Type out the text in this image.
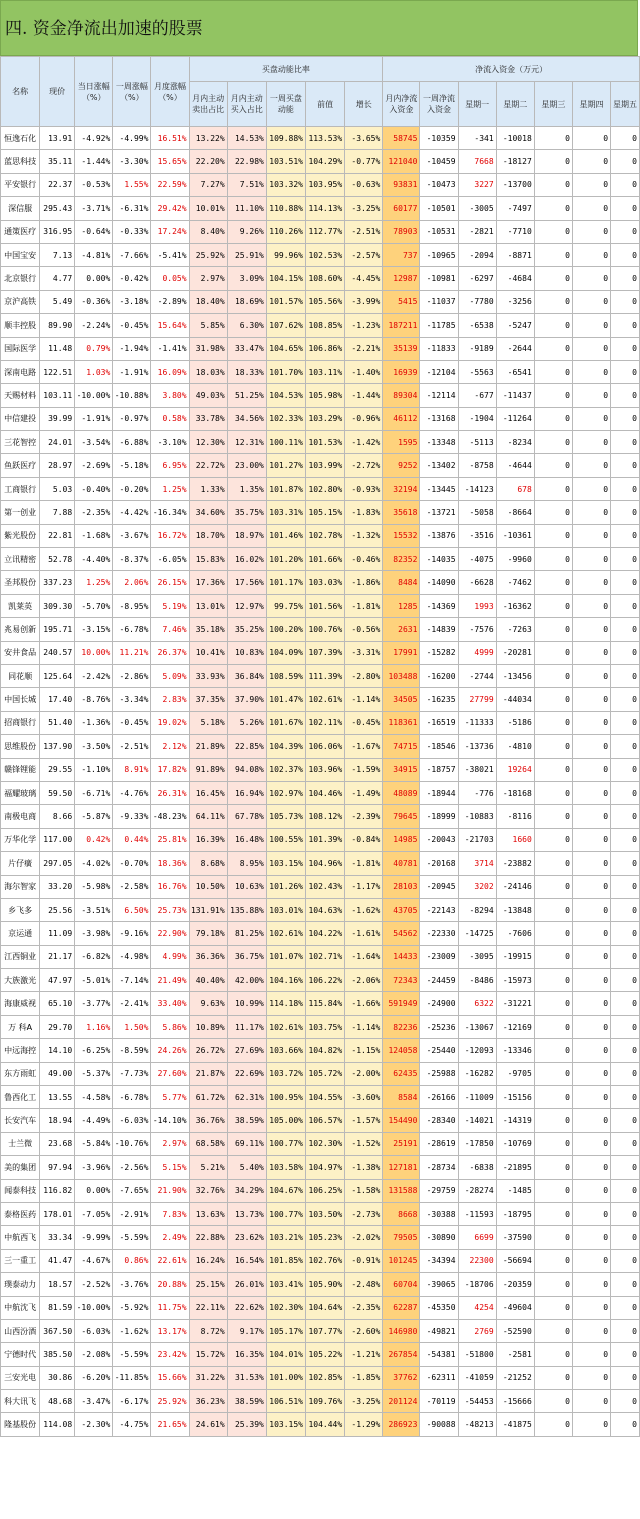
四. 资金净流出加速的股票
名称	现价	当日涨幅（%）	一周涨幅（%）	月度涨幅（%）	买盘动能比率					净流入资金（万元）						
					月内主动卖出占比	月内主动买入占比	一周买盘动能	前值	增长	月内净流入资金	一周净流入资金	星期一	星期二	星期三	星期四	星期五
恒逸石化	13.91	-4.92%	-4.99%	16.51%	13.22%	14.53%	109.88%	113.53%	-3.65%	58745	-10359	-341	-10018	0	0	0
蓝思科技	35.11	-1.44%	-3.30%	15.65%	22.20%	22.98%	103.51%	104.29%	-0.77%	121040	-10459	7668	-18127	0	0	0
平安银行	22.37	-0.53%	1.55%	22.59%	7.27%	7.51%	103.32%	103.95%	-0.63%	93831	-10473	3227	-13700	0	0	0
深信服	295.43	-3.71%	-6.31%	29.42%	10.01%	11.10%	110.88%	114.13%	-3.25%	60177	-10501	-3005	-7497	0	0	0
通策医疗	316.95	-0.64%	-0.33%	17.24%	8.40%	9.26%	110.26%	112.77%	-2.51%	78903	-10531	-2821	-7710	0	0	0
中国宝安	7.13	-4.81%	-7.66%	-5.41%	25.92%	25.91%	99.96%	102.53%	-2.57%	737	-10965	-2094	-8871	0	0	0
北京银行	4.77	0.00%	-0.42%	0.05%	2.97%	3.09%	104.15%	108.60%	-4.45%	12987	-10981	-6297	-4684	0	0	0
京沪高铁	5.49	-0.36%	-3.18%	-2.89%	18.40%	18.69%	101.57%	105.56%	-3.99%	5415	-11037	-7780	-3256	0	0	0
顺丰控股	89.90	-2.24%	-0.45%	15.64%	5.85%	6.30%	107.62%	108.85%	-1.23%	187211	-11785	-6538	-5247	0	0	0
国际医学	11.48	0.79%	-1.94%	-1.41%	31.98%	33.47%	104.65%	106.86%	-2.21%	35139	-11833	-9189	-2644	0	0	0
深南电路	122.51	1.03%	-1.91%	16.09%	18.03%	18.33%	101.70%	103.11%	-1.40%	16939	-12104	-5563	-6541	0	0	0
天赐材料	103.11	-10.00%	-10.88%	3.80%	49.03%	51.25%	104.53%	105.98%	-1.44%	89304	-12114	-677	-11437	0	0	0
中信建投	39.99	-1.91%	-0.97%	0.58%	33.78%	34.56%	102.33%	103.29%	-0.96%	46112	-13168	-1904	-11264	0	0	0
三花智控	24.01	-3.54%	-6.88%	-3.10%	12.30%	12.31%	100.11%	101.53%	-1.42%	1595	-13348	-5113	-8234	0	0	0
鱼跃医疗	28.97	-2.69%	-5.18%	6.95%	22.72%	23.00%	101.27%	103.99%	-2.72%	9252	-13402	-8758	-4644	0	0	0
工商银行	5.03	-0.40%	-0.20%	1.25%	1.33%	1.35%	101.87%	102.80%	-0.93%	32194	-13445	-14123	678	0	0	0
第一创业	7.88	-2.35%	-4.42%	-16.34%	34.60%	35.75%	103.31%	105.15%	-1.83%	35618	-13721	-5058	-8664	0	0	0
紫光股份	22.81	-1.68%	-3.67%	16.72%	18.70%	18.97%	101.46%	102.78%	-1.32%	15532	-13876	-3516	-10361	0	0	0
立讯精密	52.78	-4.40%	-8.37%	-6.05%	15.83%	16.02%	101.20%	101.66%	-0.46%	82352	-14035	-4075	-9960	0	0	0
圣邦股份	337.23	1.25%	2.06%	26.15%	17.36%	17.56%	101.17%	103.03%	-1.86%	8484	-14090	-6628	-7462	0	0	0
凯莱英	309.30	-5.70%	-8.95%	5.19%	13.01%	12.97%	99.75%	101.56%	-1.81%	1285	-14369	1993	-16362	0	0	0
兆易创新	195.71	-3.15%	-6.78%	7.46%	35.18%	35.25%	100.20%	100.76%	-0.56%	2631	-14839	-7576	-7263	0	0	0
安井食品	240.57	10.00%	11.21%	26.37%	10.41%	10.83%	104.09%	107.39%	-3.31%	17991	-15282	4999	-20281	0	0	0
同花顺	125.64	-2.42%	-2.86%	5.09%	33.93%	36.84%	108.59%	111.39%	-2.80%	103488	-16200	-2744	-13456	0	0	0
中国长城	17.40	-8.76%	-3.34%	2.83%	37.35%	37.90%	101.47%	102.61%	-1.14%	34505	-16235	27799	-44034	0	0	0
招商银行	51.40	-1.36%	-0.45%	19.02%	5.18%	5.26%	101.67%	102.11%	-0.45%	118361	-16519	-11333	-5186	0	0	0
思维股份	137.90	-3.50%	-2.51%	2.12%	21.89%	22.85%	104.39%	106.06%	-1.67%	74715	-18546	-13736	-4810	0	0	0
赣锋锂能	29.55	-1.10%	8.91%	17.82%	91.89%	94.08%	102.37%	103.96%	-1.59%	34915	-18757	-38021	19264	0	0	0
福耀玻璃	59.50	-6.71%	-4.76%	26.31%	16.45%	16.94%	102.97%	104.46%	-1.49%	48089	-18944	-776	-18168	0	0	0
南极电商	8.66	-5.87%	-9.33%	-48.23%	64.11%	67.78%	105.73%	108.12%	-2.39%	79645	-18999	-10883	-8116	0	0	0
万华化学	117.00	0.42%	0.44%	25.81%	16.39%	16.48%	100.55%	101.39%	-0.84%	14985	-20043	-21703	1660	0	0	0
片仔癀	297.05	-4.02%	-0.70%	18.36%	8.68%	8.95%	103.15%	104.96%	-1.81%	40781	-20168	3714	-23882	0	0	0
海尔智家	33.20	-5.98%	-2.58%	16.76%	10.50%	10.63%	101.26%	102.43%	-1.17%	28103	-20945	3202	-24146	0	0	0
乡飞多	25.56	-3.51%	6.50%	25.73%	131.91%	135.88%	103.01%	104.63%	-1.62%	43705	-22143	-8294	-13848	0	0	0
京运通	11.09	-3.98%	-9.16%	22.90%	79.18%	81.25%	102.61%	104.22%	-1.61%	54562	-22330	-14725	-7606	0	0	0
江西铜业	21.17	-6.82%	-4.98%	4.99%	36.36%	36.75%	101.07%	102.71%	-1.64%	14433	-23009	-3095	-19915	0	0	0
大族激光	47.97	-5.01%	-7.14%	21.49%	40.40%	42.00%	104.16%	106.22%	-2.06%	72343	-24459	-8486	-15973	0	0	0
海康威视	65.10	-3.77%	-2.41%	33.40%	9.63%	10.99%	114.18%	115.84%	-1.66%	591949	-24900	6322	-31221	0	0	0
万 科A	29.70	1.16%	1.50%	5.86%	10.89%	11.17%	102.61%	103.75%	-1.14%	82236	-25236	-13067	-12169	0	0	0
中远海控	14.10	-6.25%	-8.59%	24.26%	26.72%	27.69%	103.66%	104.82%	-1.15%	124058	-25440	-12093	-13346	0	0	0
东方雨虹	49.00	-5.37%	-7.73%	27.60%	21.87%	22.69%	103.72%	105.72%	-2.00%	62435	-25988	-16282	-9705	0	0	0
鲁西化工	13.55	-4.58%	-6.78%	5.77%	61.72%	62.31%	100.95%	104.55%	-3.60%	8584	-26166	-11009	-15156	0	0	0
长安汽车	18.94	-4.49%	-6.03%	-14.10%	36.76%	38.59%	105.00%	106.57%	-1.57%	154490	-28340	-14021	-14319	0	0	0
士兰微	23.68	-5.84%	-10.76%	2.97%	68.58%	69.11%	100.77%	102.30%	-1.52%	25191	-28619	-17850	-10769	0	0	0
美的集团	97.94	-3.96%	-2.56%	5.15%	5.21%	5.40%	103.58%	104.97%	-1.38%	127181	-28734	-6838	-21895	0	0	0
闻泰科技	116.82	0.00%	-7.65%	21.90%	32.76%	34.29%	104.67%	106.25%	-1.58%	131588	-29759	-28274	-1485	0	0	0
泰格医药	178.01	-7.05%	-2.91%	7.83%	13.63%	13.73%	100.77%	103.50%	-2.73%	8668	-30388	-11593	-18795	0	0	0
中航西飞	33.34	-9.99%	-5.59%	2.49%	22.88%	23.62%	103.21%	105.23%	-2.02%	79505	-30890	6699	-37590	0	0	0
三一重工	41.47	-4.67%	0.86%	22.61%	16.24%	16.54%	101.85%	102.76%	-0.91%	101245	-34394	22300	-56694	0	0	0
璞泰动力	18.57	-2.52%	-3.76%	20.88%	25.15%	26.01%	103.41%	105.90%	-2.48%	60704	-39065	-18706	-20359	0	0	0
中航沈飞	81.59	-10.00%	-5.92%	11.75%	22.11%	22.62%	102.30%	104.64%	-2.35%	62287	-45350	4254	-49604	0	0	0
山西汾酒	367.50	-6.03%	-1.62%	13.17%	8.72%	9.17%	105.17%	107.77%	-2.60%	146980	-49821	2769	-52590	0	0	0
宁德时代	385.50	-2.08%	-5.59%	23.42%	15.72%	16.35%	104.01%	105.22%	-1.21%	267854	-54381	-51800	-2581	0	0	0
三安光电	30.86	-6.20%	-11.85%	15.66%	31.22%	31.53%	101.00%	102.85%	-1.85%	37762	-62311	-41059	-21252	0	0	0
科大讯飞	48.68	-3.47%	-6.17%	25.92%	36.23%	38.59%	106.51%	109.76%	-3.25%	201124	-70119	-54453	-15666	0	0	0
隆基股份	114.08	-2.30%	-4.75%	21.65%	24.61%	25.39%	103.15%	104.44%	-1.29%	286923	-90088	-48213	-41875	0	0	0
